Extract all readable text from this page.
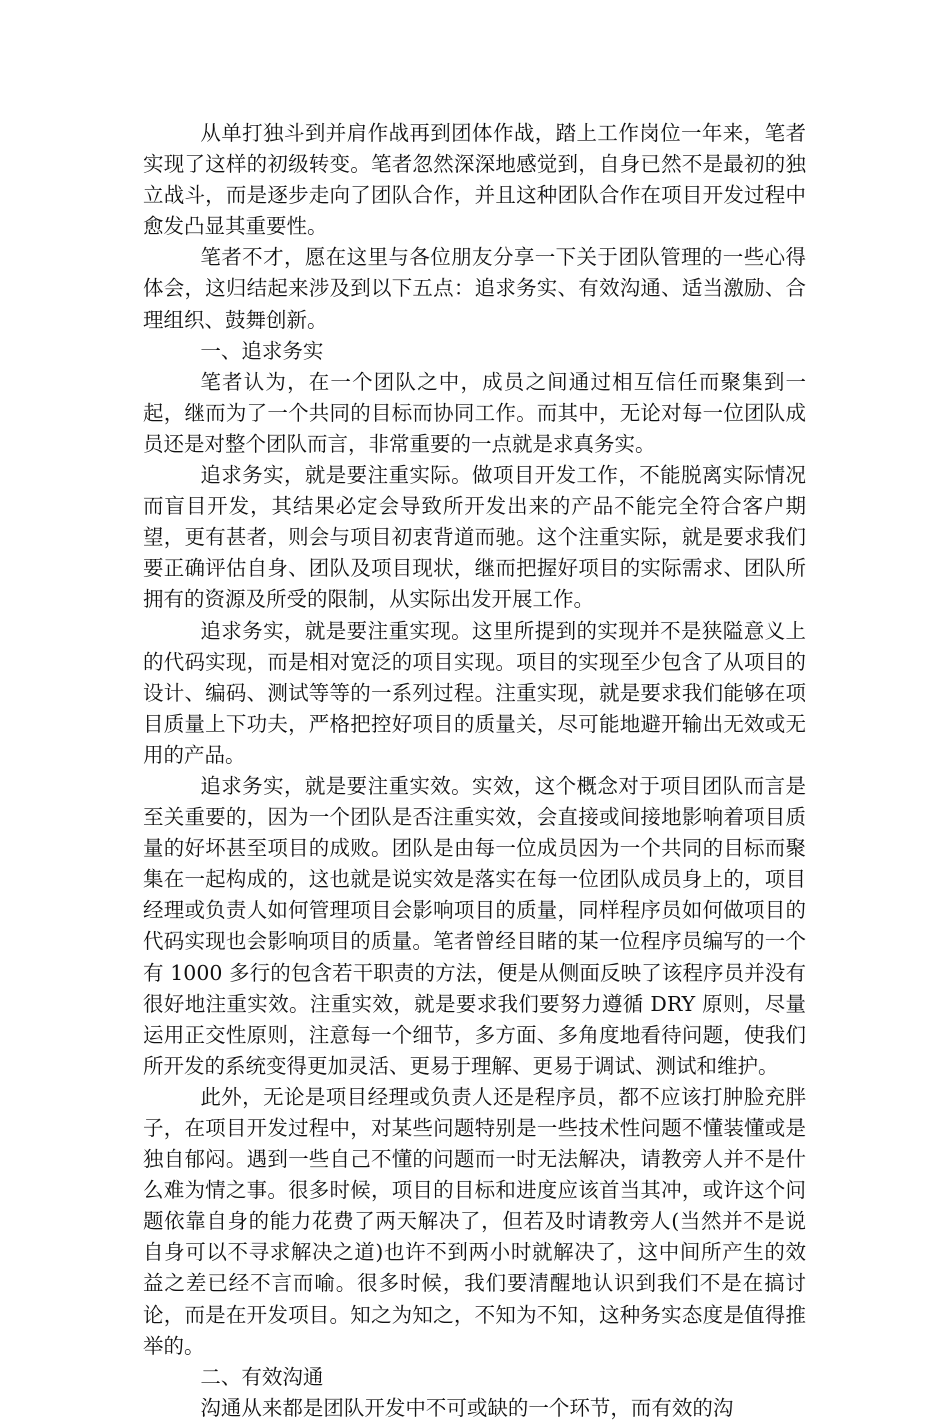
从单打独斗到并肩作战再到团体作战，踏上工作岗位一年来，笔者实现了这样的初级转变。笔者忽然深深地感觉到，自身已然不是最初的独立战斗，而是逐步走向了团队合作，并且这种团队合作在项目开发过程中愈发凸显其重要性。

笔者不才，愿在这里与各位朋友分享一下关于团队管理的一些心得体会，这归结起来涉及到以下五点：追求务实、有效沟通、适当激励、合理组织、鼓舞创新。

一、追求务实

笔者认为，在一个团队之中，成员之间通过相互信任而聚集到一起，继而为了一个共同的目标而协同工作。而其中，无论对每一位团队成员还是对整个团队而言，非常重要的一点就是求真务实。

追求务实，就是要注重实际。做项目开发工作，不能脱离实际情况而盲目开发，其结果必定会导致所开发出来的产品不能完全符合客户期望，更有甚者，则会与项目初衷背道而驰。这个注重实际，就是要求我们要正确评估自身、团队及项目现状，继而把握好项目的实际需求、团队所拥有的资源及所受的限制，从实际出发开展工作。

追求务实，就是要注重实现。这里所提到的实现并不是狭隘意义上的代码实现，而是相对宽泛的项目实现。项目的实现至少包含了从项目的设计、编码、测试等等的一系列过程。注重实现，就是要求我们能够在项目质量上下功夫，严格把控好项目的质量关，尽可能地避开输出无效或无用的产品。

追求务实，就是要注重实效。实效，这个概念对于项目团队而言是至关重要的，因为一个团队是否注重实效，会直接或间接地影响着项目质量的好坏甚至项目的成败。团队是由每一位成员因为一个共同的目标而聚集在一起构成的，这也就是说实效是落实在每一位团队成员身上的，项目经理或负责人如何管理项目会影响项目的质量，同样程序员如何做项目的代码实现也会影响项目的质量。笔者曾经目睹的某一位程序员编写的一个有 1000 多行的包含若干职责的方法，便是从侧面反映了该程序员并没有很好地注重实效。注重实效，就是要求我们要努力遵循 DRY 原则，尽量运用正交性原则，注意每一个细节，多方面、多角度地看待问题，使我们所开发的系统变得更加灵活、更易于理解、更易于调试、测试和维护。

此外，无论是项目经理或负责人还是程序员，都不应该打肿脸充胖子，在项目开发过程中，对某些问题特别是一些技术性问题不懂装懂或是独自郁闷。遇到一些自己不懂的问题而一时无法解决，请教旁人并不是什么难为情之事。很多时候，项目的目标和进度应该首当其冲，或许这个问题依靠自身的能力花费了两天解决了，但若及时请教旁人(当然并不是说自身可以不寻求解决之道)也许不到两小时就解决了，这中间所产生的效益之差已经不言而喻。很多时候，我们要清醒地认识到我们不是在搞讨论，而是在开发项目。知之为知之，不知为不知，这种务实态度是值得推举的。

二、有效沟通

沟通从来都是团队开发中不可或缺的一个环节，而有效的沟
